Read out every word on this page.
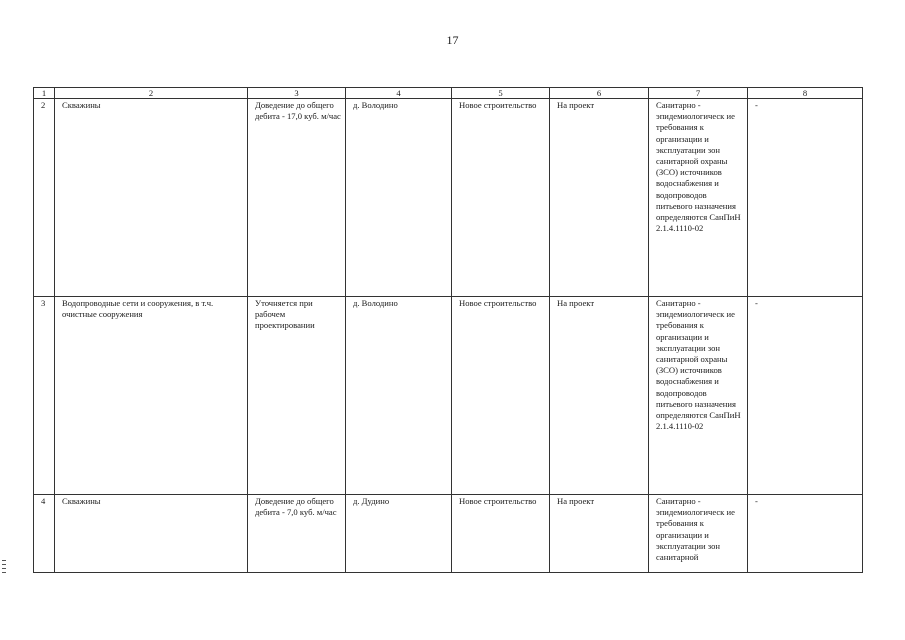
17
1	2	3	4	5	6	7	8
2	Скважины	Доведение до общего дебита - 17,0 куб. м/час	д. Володино	Новое строительство	На проект	Санитарно - эпидемиологическ ие требования к организации и эксплуатации зон санитарной охраны (ЗСО) источников водоснабжения и водопроводов питьевого назначения определяются СанПиН 2.1.4.1110-02	-
3	Водопроводные сети и сооружения, в т.ч. очистные сооружения	Уточняется при рабочем проектировании	д. Володино	Новое строительство	На проект	Санитарно - эпидемиологическ ие требования к организации и эксплуатации зон санитарной охраны (ЗСО) источников водоснабжения и водопроводов питьевого назначения определяются СанПиН 2.1.4.1110-02	-
4	Скважины	Доведение до общего дебита - 7,0 куб. м/час	д. Дудино	Новое строительство	На проект	Санитарно - эпидемиологическ ие требования к организации и эксплуатации зон санитарной	-
